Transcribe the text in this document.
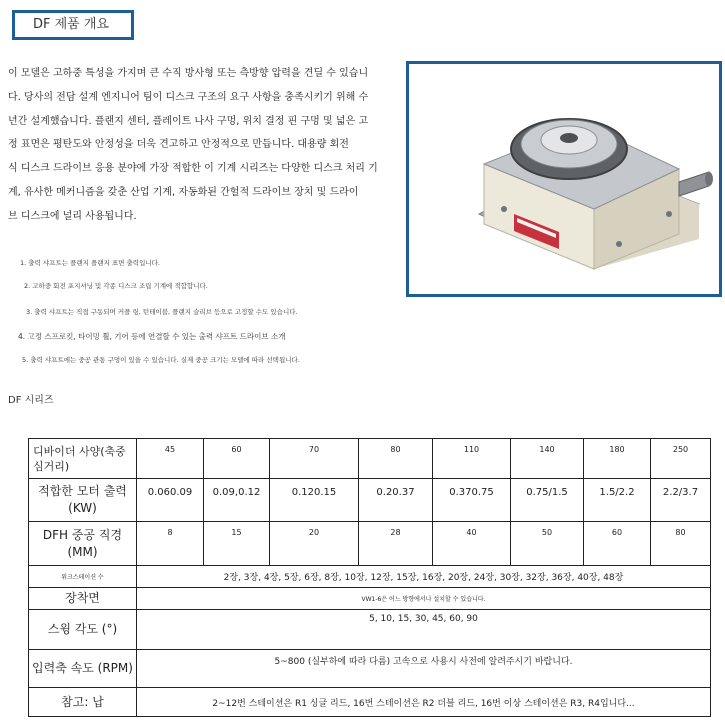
DF 제품 개요

이 모델은 고하중 특성을 가지며 큰 수직 방사형 또는 측방향 압력을 견딜 수 있습니

다. 당사의 전담 설계 엔지니어 팀이 디스크 구조의 요구 사항을 충족시키기 위해 수

년간 설계했습니다. 플랜지 센터, 플레이트 나사 구멍, 위치 결정 핀 구멍 및 넓은 고

정 표면은 평탄도와 안정성을 더욱 견고하고 안정적으로 만듭니다. 대용량 회전

식 디스크 드라이브 응용 분야에 가장 적합한 이 기계 시리즈는 다양한 디스크 처리 기

계, 유사한 메커니즘을 갖춘 산업 기계, 자동화된 간헐적 드라이브 장치 및 드라이

브 디스크에 널리 사용됩니다.

1. 출력 샤프트는 플랜지 플랜지 표면 출력입니다.
2. 고하중 회전 포지셔닝 및 각종 디스크 조립 기계에 적합합니다.
3. 출력 샤프트는 직접 구동되며 커플 링, 턴테이블, 플랜지 슬리브 등으로 고정할 수도 있습니다.
4. 고정 스프로킷, 타이밍 휠, 기어 등에 연결할 수 있는 출력 샤프트 드라이브 소개
5. 출력 샤프트에는 중공 관통 구멍이 있을 수 있습니다. 실제 중공 크기는 모델에 따라 선택됩니다.
DF 시리즈
디바이더 사양(축중심거리)	45	60	70	80	110	140	180	250
적합한 모터 출력 (KW)	0.060.09	0.09,0.12	0.120.15	0.20.37	0.370.75	0.75/1.5	1.5/2.2	2.2/3.7
DFH 중공 직경 (MM)	8	15	20	28	40	50	60	80
워크스테이션 수	2장, 3장, 4장, 5장, 6장, 8장, 10장, 12장, 15장, 16장, 20장, 24장, 30장, 32장, 36장, 40장, 48장							
장착면	VW1-6은 어느 방향에서나 설치할 수 있습니다.							
스윙 각도 (°)	5, 10, 15, 30, 45, 60, 90							
입력축 속도 (RPM)	5~800 (실부하에 따라 다름) 고속으로 사용시 사전에 알려주시기 바랍니다.							
참고: 납	2~12번 스테이션은 R1 싱글 리드, 16번 스테이션은 R2 더블 리드, 16번 이상 스테이션은 R3, R4입니다...							
